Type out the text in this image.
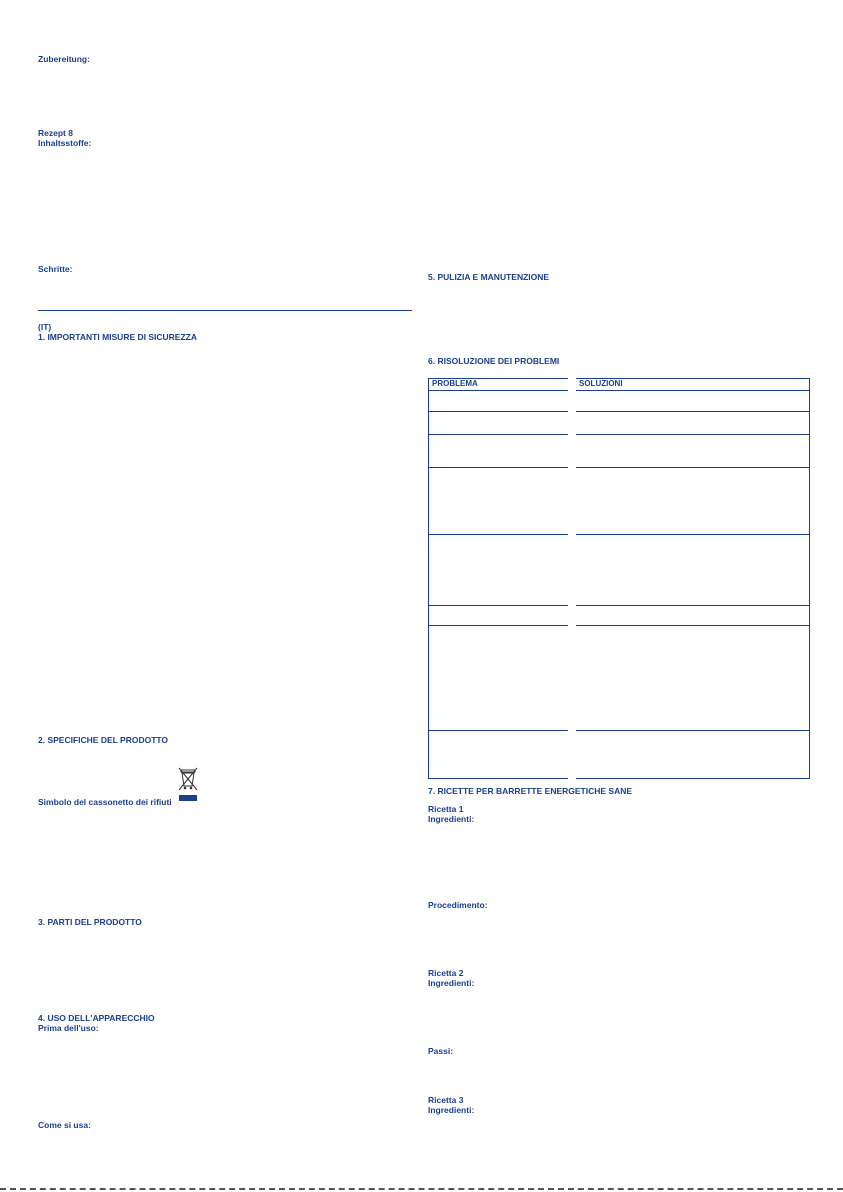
Zubereitung:
Rezept 8
Inhaltsstoffe:
Schritte:
(IT)
1. IMPORTANTI MISURE DI SICUREZZA
2. SPECIFICHE DEL PRODOTTO
Simbolo del cassonetto dei rifiuti
3. PARTI DEL PRODOTTO
4. USO DELL'APPARECCHIO
Prima dell'uso:
Come si usa:
5. PULIZIA E MANUTENZIONE
6. RISOLUZIONE DEI PROBLEMI
PROBLEMA	SOLUZIONI

7. RICETTE PER BARRETTE ENERGETICHE SANE
Ricetta 1
Ingredienti:
Procedimento:
Ricetta 2
Ingredienti:
Passi:
Ricetta 3
Ingredienti:
